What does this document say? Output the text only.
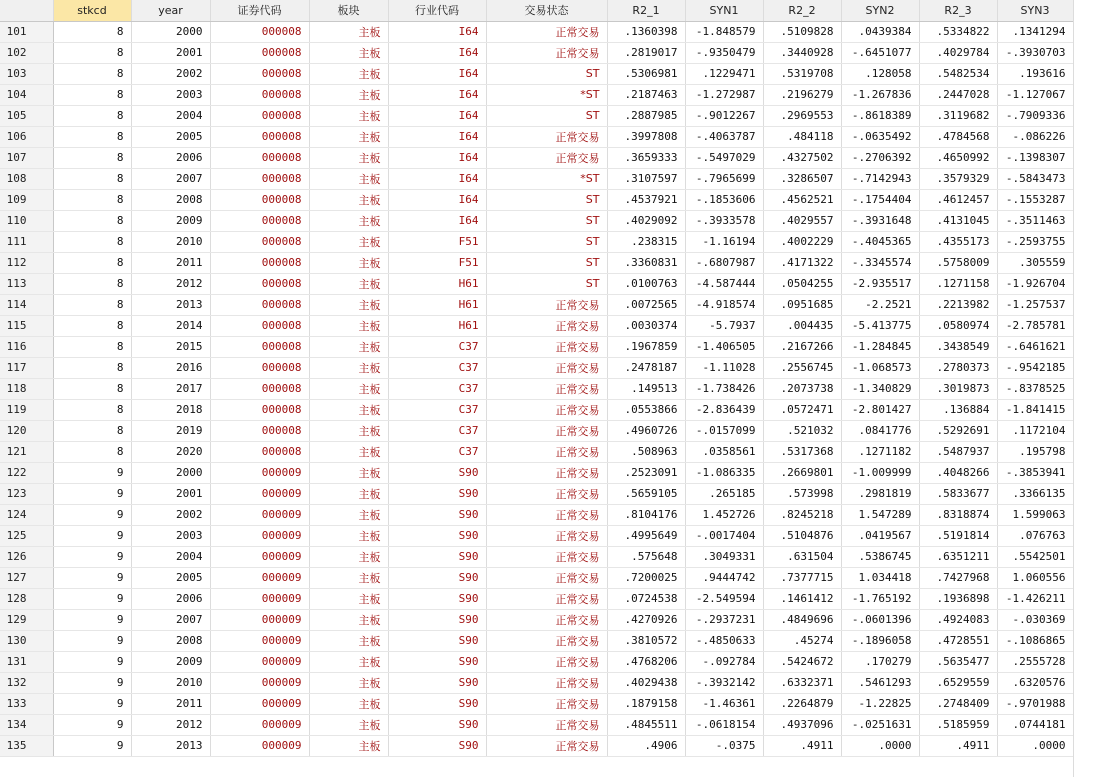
	stkcd	year	证券代码	板块	行业代码	交易状态	R2_1	SYN1	R2_2	SYN2	R2_3	SYN3
101	8	2000	000008	主板	I64	正常交易	.1360398	-1.848579	.5109828	.0439384	.5334822	.1341294
102	8	2001	000008	主板	I64	正常交易	.2819017	-.9350479	.3440928	-.6451077	.4029784	-.3930703
103	8	2002	000008	主板	I64	ST	.5306981	.1229471	.5319708	.128058	.5482534	.193616
104	8	2003	000008	主板	I64	*ST	.2187463	-1.272987	.2196279	-1.267836	.2447028	-1.127067
105	8	2004	000008	主板	I64	ST	.2887985	-.9012267	.2969553	-.8618389	.3119682	-.7909336
106	8	2005	000008	主板	I64	正常交易	.3997808	-.4063787	.484118	-.0635492	.4784568	-.086226
107	8	2006	000008	主板	I64	正常交易	.3659333	-.5497029	.4327502	-.2706392	.4650992	-.1398307
108	8	2007	000008	主板	I64	*ST	.3107597	-.7965699	.3286507	-.7142943	.3579329	-.5843473
109	8	2008	000008	主板	I64	ST	.4537921	-.1853606	.4562521	-.1754404	.4612457	-.1553287
110	8	2009	000008	主板	I64	ST	.4029092	-.3933578	.4029557	-.3931648	.4131045	-.3511463
111	8	2010	000008	主板	F51	ST	.238315	-1.16194	.4002229	-.4045365	.4355173	-.2593755
112	8	2011	000008	主板	F51	ST	.3360831	-.6807987	.4171322	-.3345574	.5758009	.305559
113	8	2012	000008	主板	H61	ST	.0100763	-4.587444	.0504255	-2.935517	.1271158	-1.926704
114	8	2013	000008	主板	H61	正常交易	.0072565	-4.918574	.0951685	-2.2521	.2213982	-1.257537
115	8	2014	000008	主板	H61	正常交易	.0030374	-5.7937	.004435	-5.413775	.0580974	-2.785781
116	8	2015	000008	主板	C37	正常交易	.1967859	-1.406505	.2167266	-1.284845	.3438549	-.6461621
117	8	2016	000008	主板	C37	正常交易	.2478187	-1.11028	.2556745	-1.068573	.2780373	-.9542185
118	8	2017	000008	主板	C37	正常交易	.149513	-1.738426	.2073738	-1.340829	.3019873	-.8378525
119	8	2018	000008	主板	C37	正常交易	.0553866	-2.836439	.0572471	-2.801427	.136884	-1.841415
120	8	2019	000008	主板	C37	正常交易	.4960726	-.0157099	.521032	.0841776	.5292691	.1172104
121	8	2020	000008	主板	C37	正常交易	.508963	.0358561	.5317368	.1271182	.5487937	.195798
122	9	2000	000009	主板	S90	正常交易	.2523091	-1.086335	.2669801	-1.009999	.4048266	-.3853941
123	9	2001	000009	主板	S90	正常交易	.5659105	.265185	.573998	.2981819	.5833677	.3366135
124	9	2002	000009	主板	S90	正常交易	.8104176	1.452726	.8245218	1.547289	.8318874	1.599063
125	9	2003	000009	主板	S90	正常交易	.4995649	-.0017404	.5104876	.0419567	.5191814	.076763
126	9	2004	000009	主板	S90	正常交易	.575648	.3049331	.631504	.5386745	.6351211	.5542501
127	9	2005	000009	主板	S90	正常交易	.7200025	.9444742	.7377715	1.034418	.7427968	1.060556
128	9	2006	000009	主板	S90	正常交易	.0724538	-2.549594	.1461412	-1.765192	.1936898	-1.426211
129	9	2007	000009	主板	S90	正常交易	.4270926	-.2937231	.4849696	-.0601396	.4924083	-.030369
130	9	2008	000009	主板	S90	正常交易	.3810572	-.4850633	.45274	-.1896058	.4728551	-.1086865
131	9	2009	000009	主板	S90	正常交易	.4768206	-.092784	.5424672	.170279	.5635477	.2555728
132	9	2010	000009	主板	S90	正常交易	.4029438	-.3932142	.6332371	.5461293	.6529559	.6320576
133	9	2011	000009	主板	S90	正常交易	.1879158	-1.46361	.2264879	-1.22825	.2748409	-.9701988
134	9	2012	000009	主板	S90	正常交易	.4845511	-.0618154	.4937096	-.0251631	.5185959	.0744181
135	9	2013	000009	主板	S90	正常交易	.4906	-.0375	.4911	.0000	.4911	.0000
